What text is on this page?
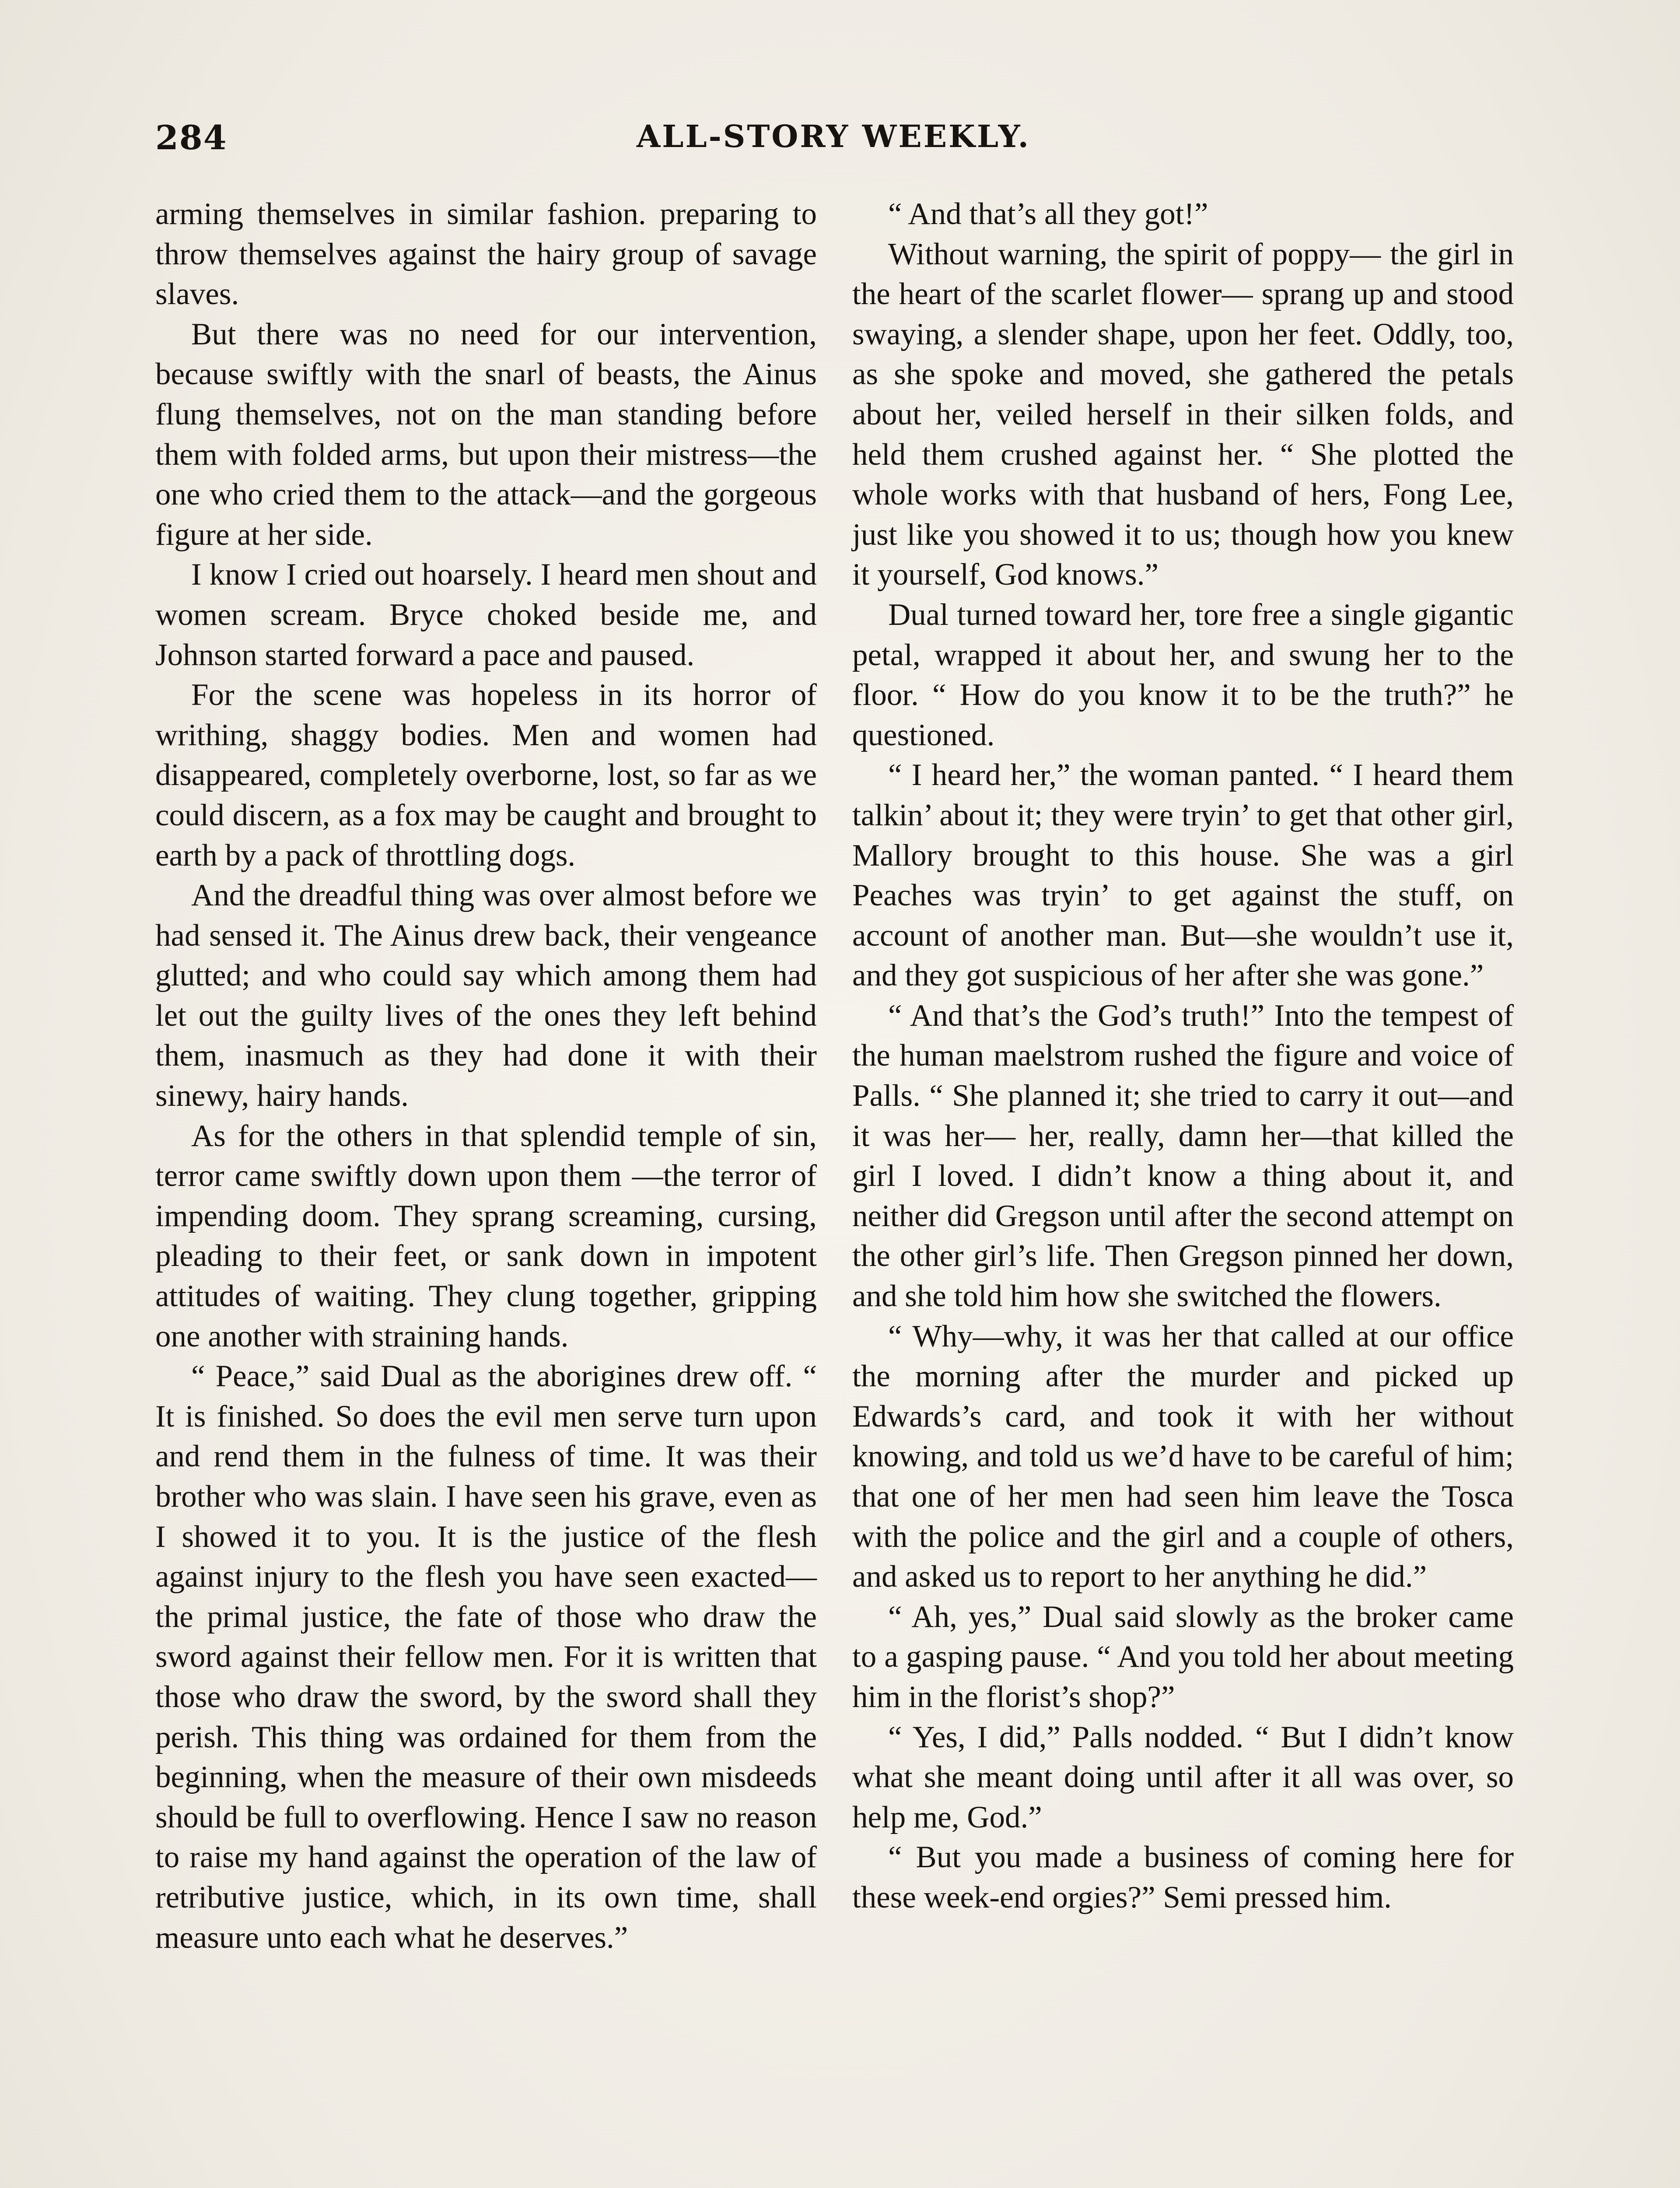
284	ALL-STORY WEEKLY.

arming themselves in similar fashion. preparing to throw themselves against the hairy group of savage slaves.

But there was no need for our intervention, because swiftly with the snarl of beasts, the Ainus flung themselves, not on the man standing before them with folded arms, but upon their mistress—the one who cried them to the attack—and the gorgeous figure at her side.

I know I cried out hoarsely. I heard men shout and women scream. Bryce choked beside me, and Johnson started forward a pace and paused.

For the scene was hopeless in its horror of writhing, shaggy bodies. Men and women had disappeared, completely overborne, lost, so far as we could discern, as a fox may be caught and brought to earth by a pack of throttling dogs.

And the dreadful thing was over almost before we had sensed it. The Ainus drew back, their vengeance glutted; and who could say which among them had let out the guilty lives of the ones they left behind them, inasmuch as they had done it with their sinewy, hairy hands.

As for the others in that splendid temple of sin, terror came swiftly down upon them —the terror of impending doom. They sprang screaming, cursing, pleading to their feet, or sank down in impotent attitudes of waiting. They clung together, gripping one another with straining hands.

“ Peace,” said Dual as the aborigines drew off. “ It is finished. So does the evil men serve turn upon and rend them in the fulness of time. It was their brother who was slain. I have seen his grave, even as I showed it to you. It is the justice of the flesh against injury to the flesh you have seen exacted—the primal justice, the fate of those who draw the sword against their fellow men. For it is written that those who draw the sword, by the sword shall they perish. This thing was ordained for them from the beginning, when the measure of their own misdeeds should be full to overflowing. Hence I saw no reason to raise my hand against the operation of the law of retributive justice, which, in its own time, shall measure unto each what he deserves.”

“ And that’s all they got!”

Without warning, the spirit of poppy— the girl in the heart of the scarlet flower— sprang up and stood swaying, a slender shape, upon her feet. Oddly, too, as she spoke and moved, she gathered the petals about her, veiled herself in their silken folds, and held them crushed against her. “ She plotted the whole works with that husband of hers, Fong Lee, just like you showed it to us; though how you knew it yourself, God knows.”

Dual turned toward her, tore free a single gigantic petal, wrapped it about her, and swung her to the floor. “ How do you know it to be the truth?” he questioned.

“ I heard her,” the woman panted. “ I heard them talkin’ about it; they were tryin’ to get that other girl, Mallory brought to this house. She was a girl Peaches was tryin’ to get against the stuff, on account of another man. But—she wouldn’t use it, and they got suspicious of her after she was gone.”

“ And that’s the God’s truth!” Into the tempest of the human maelstrom rushed the figure and voice of Palls. “ She planned it; she tried to carry it out—and it was her— her, really, damn her—that killed the girl I loved. I didn’t know a thing about it, and neither did Gregson until after the second attempt on the other girl’s life. Then Gregson pinned her down, and she told him how she switched the flowers.

“ Why—why, it was her that called at our office the morning after the murder and picked up Edwards’s card, and took it with her without knowing, and told us we’d have to be careful of him; that one of her men had seen him leave the Tosca with the police and the girl and a couple of others, and asked us to report to her anything he did.”

“ Ah, yes,” Dual said slowly as the broker came to a gasping pause. “ And you told her about meeting him in the florist’s shop?”

“ Yes, I did,” Palls nodded. “ But I didn’t know what she meant doing until after it all was over, so help me, God.”

“ But you made a business of coming here for these week-end orgies?” Semi pressed him.
